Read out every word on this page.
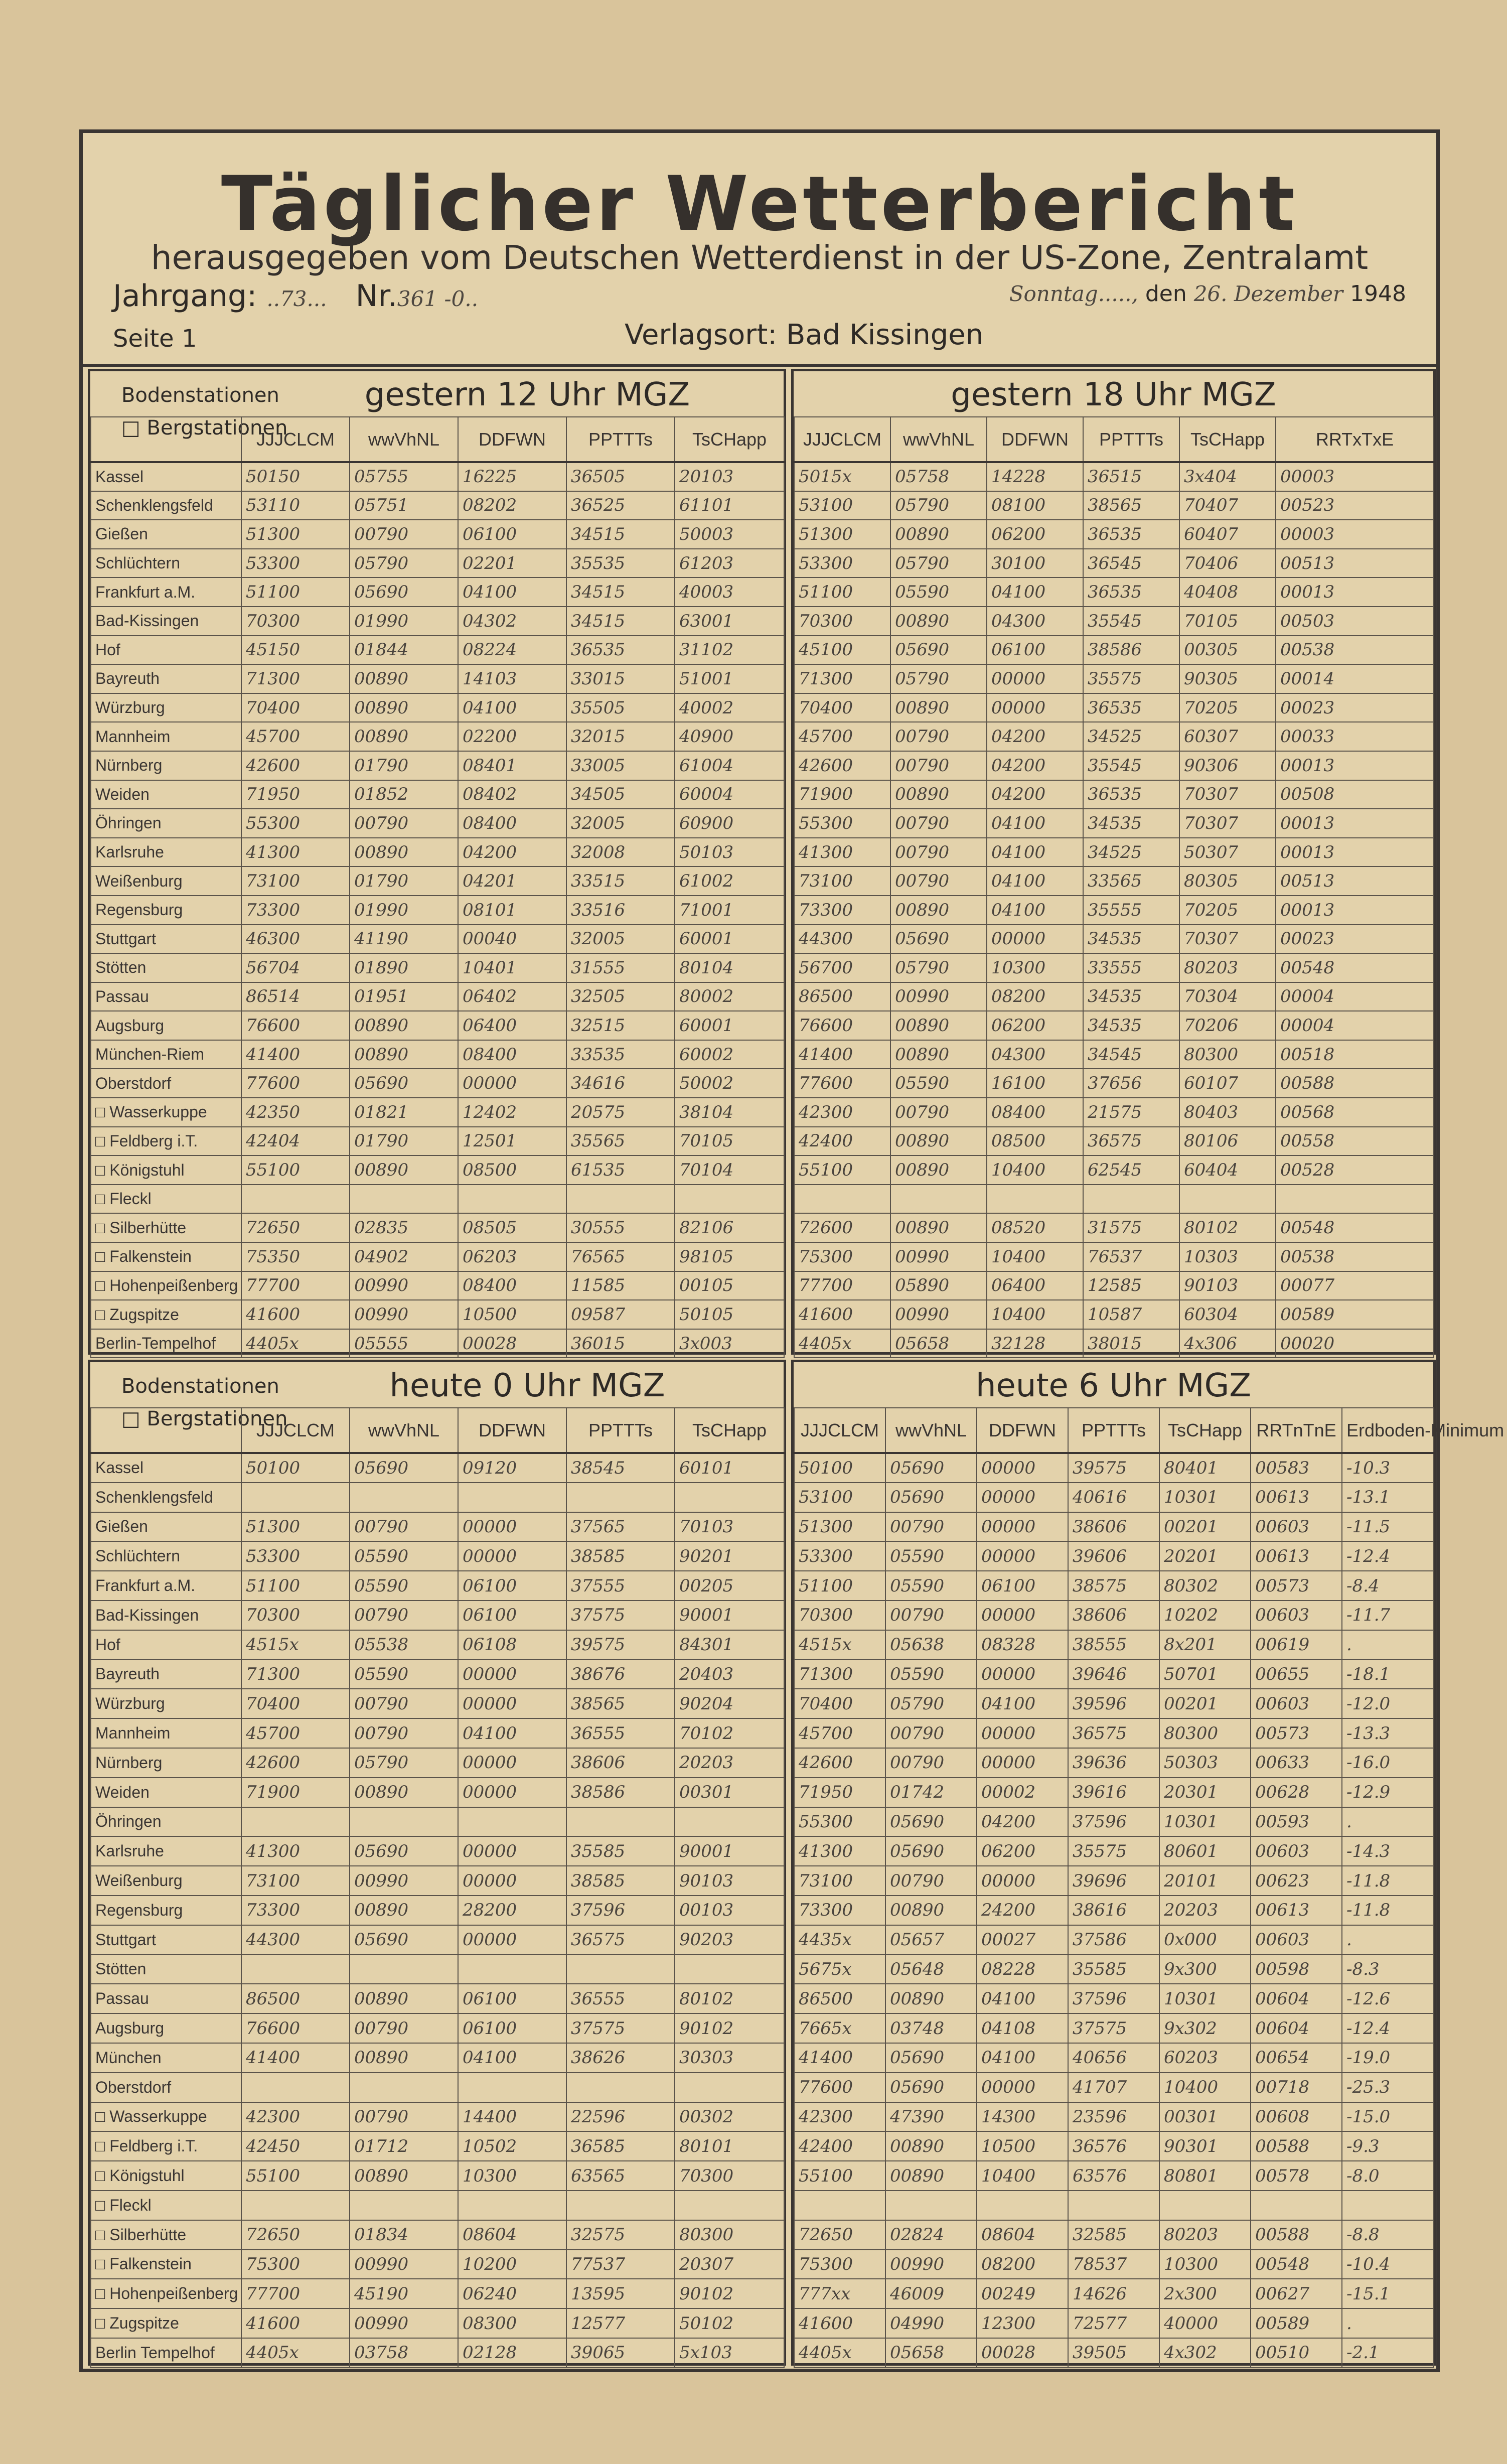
Täglicher Wetterbericht
herausgegeben vom Deutschen Wetterdienst in der US-Zone, Zentralamt
Jahrgang: ..73... Nr.361 -0..
Seite 1	Verlagsort: Bad Kissingen
Sonntag....., den 26. Dezember 1948
Bodenstationen
□ Bergstationen
gestern 12 Uhr MGZ
	JJJCLCM	wwVhNL	DDFWN	PPTTTs	TsCHapp
Kassel	50150	05755	16225	36505	20103
Schenklengsfeld	53110	05751	08202	36525	61101
Gießen	51300	00790	06100	34515	50003
Schlüchtern	53300	05790	02201	35535	61203
Frankfurt a.M.	51100	05690	04100	34515	40003
Bad-Kissingen	70300	01990	04302	34515	63001
Hof	45150	01844	08224	36535	31102
Bayreuth	71300	00890	14103	33015	51001
Würzburg	70400	00890	04100	35505	40002
Mannheim	45700	00890	02200	32015	40900
Nürnberg	42600	01790	08401	33005	61004
Weiden	71950	01852	08402	34505	60004
Öhringen	55300	00790	08400	32005	60900
Karlsruhe	41300	00890	04200	32008	50103
Weißenburg	73100	01790	04201	33515	61002
Regensburg	73300	01990	08101	33516	71001
Stuttgart	46300	41190	00040	32005	60001
Stötten	56704	01890	10401	31555	80104
Passau	86514	01951	06402	32505	80002
Augsburg	76600	00890	06400	32515	60001
München-Riem	41400	00890	08400	33535	60002
Oberstdorf	77600	05690	00000	34616	50002
□ Wasserkuppe	42350	01821	12402	20575	38104
□ Feldberg i.T.	42404	01790	12501	35565	70105
□ Königstuhl	55100	00890	08500	61535	70104
□ Fleckl					
□ Silberhütte	72650	02835	08505	30555	82106
□ Falkenstein	75350	04902	06203	76565	98105
□ Hohenpeißenberg	77700	00990	08400	11585	00105
□ Zugspitze	41600	00990	10500	09587	50105
Berlin-Tempelhof	4405x	05555	00028	36015	3x003
gestern 18 Uhr MGZ
JJJCLCM	wwVhNL	DDFWN	PPTTTs	TsCHapp	RRTxTxE
5015x	05758	14228	36515	3x404	00003
53100	05790	08100	38565	70407	00523
51300	00890	06200	36535	60407	00003
53300	05790	30100	36545	70406	00513
51100	05590	04100	36535	40408	00013
70300	00890	04300	35545	70105	00503
45100	05690	06100	38586	00305	00538
71300	05790	00000	35575	90305	00014
70400	00890	00000	36535	70205	00023
45700	00790	04200	34525	60307	00033
42600	00790	04200	35545	90306	00013
71900	00890	04200	36535	70307	00508
55300	00790	04100	34535	70307	00013
41300	00790	04100	34525	50307	00013
73100	00790	04100	33565	80305	00513
73300	00890	04100	35555	70205	00013
44300	05690	00000	34535	70307	00023
56700	05790	10300	33555	80203	00548
86500	00990	08200	34535	70304	00004
76600	00890	06200	34535	70206	00004
41400	00890	04300	34545	80300	00518
77600	05590	16100	37656	60107	00588
42300	00790	08400	21575	80403	00568
42400	00890	08500	36575	80106	00558
55100	00890	10400	62545	60404	00528

72600	00890	08520	31575	80102	00548
75300	00990	10400	76537	10303	00538
77700	05890	06400	12585	90103	00077
41600	00990	10400	10587	60304	00589
4405x	05658	32128	38015	4x306	00020
Bodenstationen
□ Bergstationen
heute 0 Uhr MGZ
	JJJCLCM	wwVhNL	DDFWN	PPTTTs	TsCHapp
Kassel	50100	05690	09120	38545	60101
Schenklengsfeld					
Gießen	51300	00790	00000	37565	70103
Schlüchtern	53300	05590	00000	38585	90201
Frankfurt a.M.	51100	05590	06100	37555	00205
Bad-Kissingen	70300	00790	06100	37575	90001
Hof	4515x	05538	06108	39575	84301
Bayreuth	71300	05590	00000	38676	20403
Würzburg	70400	00790	00000	38565	90204
Mannheim	45700	00790	04100	36555	70102
Nürnberg	42600	05790	00000	38606	20203
Weiden	71900	00890	00000	38586	00301
Öhringen					
Karlsruhe	41300	05690	00000	35585	90001
Weißenburg	73100	00990	00000	38585	90103
Regensburg	73300	00890	28200	37596	00103
Stuttgart	44300	05690	00000	36575	90203
Stötten					
Passau	86500	00890	06100	36555	80102
Augsburg	76600	00790	06100	37575	90102
München	41400	00890	04100	38626	30303
Oberstdorf					
□ Wasserkuppe	42300	00790	14400	22596	00302
□ Feldberg i.T.	42450	01712	10502	36585	80101
□ Königstuhl	55100	00890	10300	63565	70300
□ Fleckl					
□ Silberhütte	72650	01834	08604	32575	80300
□ Falkenstein	75300	00990	10200	77537	20307
□ Hohenpeißenberg	77700	45190	06240	13595	90102
□ Zugspitze	41600	00990	08300	12577	50102
Berlin Tempelhof	4405x	03758	02128	39065	5x103
heute 6 Uhr MGZ
JJJCLCM	wwVhNL	DDFWN	PPTTTs	TsCHapp	RRTnTnE	Erdboden-Minimum
50100	05690	00000	39575	80401	00583	-10.3
53100	05690	00000	40616	10301	00613	-13.1
51300	00790	00000	38606	00201	00603	-11.5
53300	05590	00000	39606	20201	00613	-12.4
51100	05590	06100	38575	80302	00573	-8.4
70300	00790	00000	38606	10202	00603	-11.7
4515x	05638	08328	38555	8x201	00619	.
71300	05590	00000	39646	50701	00655	-18.1
70400	05790	04100	39596	00201	00603	-12.0
45700	00790	00000	36575	80300	00573	-13.3
42600	00790	00000	39636	50303	00633	-16.0
71950	01742	00002	39616	20301	00628	-12.9
55300	05690	04200	37596	10301	00593	.
41300	05690	06200	35575	80601	00603	-14.3
73100	00790	00000	39696	20101	00623	-11.8
73300	00890	24200	38616	20203	00613	-11.8
4435x	05657	00027	37586	0x000	00603	.
5675x	05648	08228	35585	9x300	00598	-8.3
86500	00890	04100	37596	10301	00604	-12.6
7665x	03748	04108	37575	9x302	00604	-12.4
41400	05690	04100	40656	60203	00654	-19.0
77600	05690	00000	41707	10400	00718	-25.3
42300	47390	14300	23596	00301	00608	-15.0
42400	00890	10500	36576	90301	00588	-9.3
55100	00890	10400	63576	80801	00578	-8.0

72650	02824	08604	32585	80203	00588	-8.8
75300	00990	08200	78537	10300	00548	-10.4
777xx	46009	00249	14626	2x300	00627	-15.1
41600	04990	12300	72577	40000	00589	.
4405x	05658	00028	39505	4x302	00510	-2.1
